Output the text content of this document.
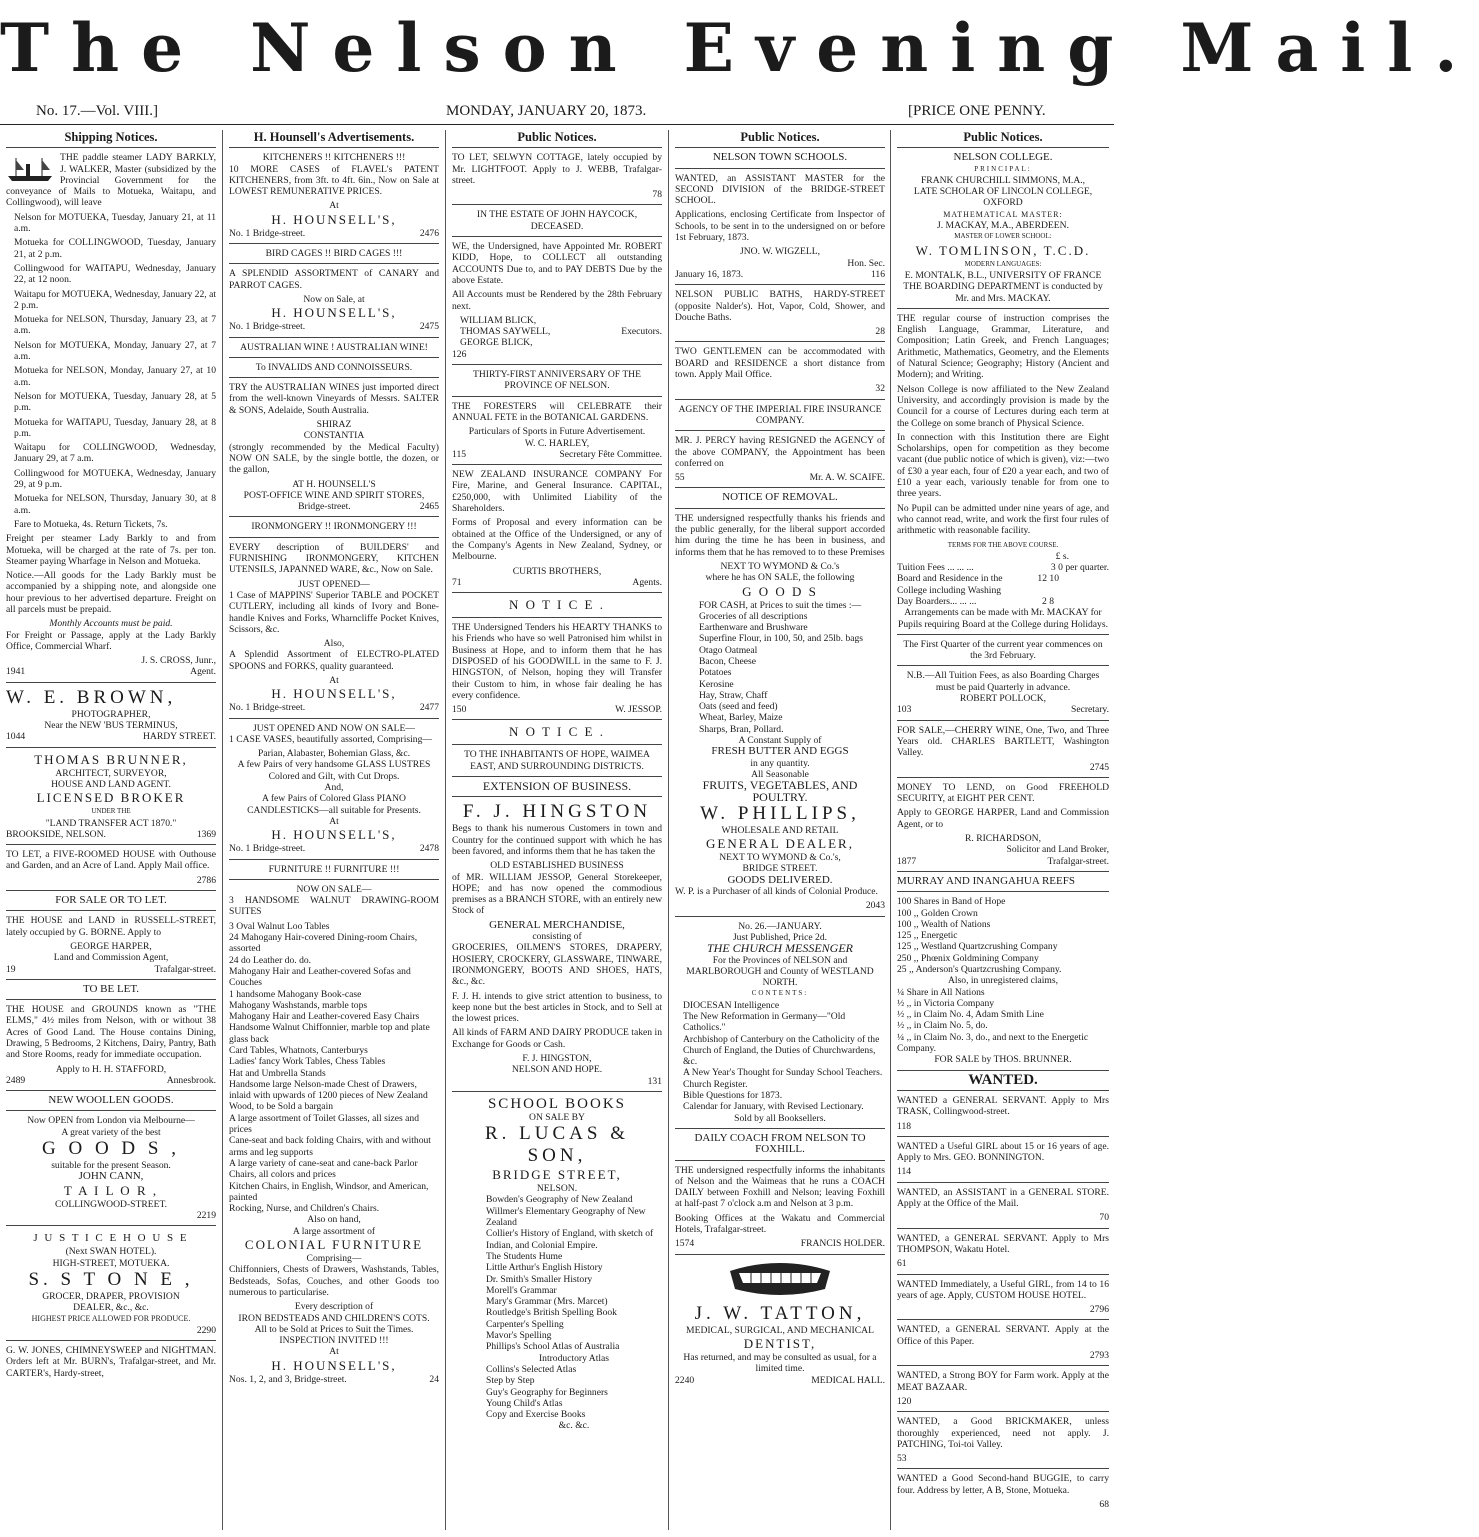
The Nelson Evening Mail.
No. 17.—Vol. VIII.]	MONDAY, JANUARY 20, 1873.	[PRICE ONE PENNY.
Shipping Notices.

THE paddle steamer LADY BARKLY, J. WALKER, Master (subsidized by the Provincial Government for the conveyance of Mails to Motueka, Waitapu, and Collingwood), will leave

Nelson for MOTUEKA, Tuesday, January 21, at 11 a.m.

Motueka for COLLINGWOOD, Tuesday, January 21, at 2 p.m.

Collingwood for WAITAPU, Wednesday, January 22, at 12 noon.

Waitapu for MOTUEKA, Wednesday, January 22, at 2 p.m.

Motueka for NELSON, Thursday, January 23, at 7 a.m.

Nelson for MOTUEKA, Monday, January 27, at 7 a.m.

Motueka for NELSON, Monday, January 27, at 10 a.m.

Nelson for MOTUEKA, Tuesday, January 28, at 5 p.m.

Motueka for WAITAPU, Tuesday, January 28, at 8 p.m.

Waitapu for COLLINGWOOD, Wednesday, January 29, at 7 a.m.

Collingwood for MOTUEKA, Wednesday, January 29, at 9 p.m.

Motueka for NELSON, Thursday, January 30, at 8 a.m.

Fare to Motueka, 4s. Return Tickets, 7s.

Freight per steamer Lady Barkly to and from Motueka, will be charged at the rate of 7s. per ton. Steamer paying Wharfage in Nelson and Motueka.

Notice.—All goods for the Lady Barkly must be accompanied by a shipping note, and alongside one hour previous to her advertised departure. Freight on all parcels must be prepaid.

Monthly Accounts must be paid.

For Freight or Passage, apply at the Lady Barkly Office, Commercial Wharf.

J. S. CROSS, Junr.,
1941	Agent.
W. E. BROWN,
PHOTOGRAPHER,
Near the NEW 'BUS TERMINUS,
1044	HARDY STREET.
THOMAS BRUNNER,
ARCHITECT, SURVEYOR,
HOUSE AND LAND AGENT.
LICENSED BROKER
UNDER THE
"LAND TRANSFER ACT 1870."
BROOKSIDE, NELSON.	1369

TO LET, a FIVE-ROOMED HOUSE with Outhouse and Garden, and an Acre of Land. Apply Mail office.

2786
FOR SALE OR TO LET.

THE HOUSE and LAND in RUSSELL-STREET, lately occupied by G. BORNE. Apply to

GEORGE HARPER,
Land and Commission Agent,
19	Trafalgar-street.
TO BE LET.

THE HOUSE and GROUNDS known as "THE ELMS," 4½ miles from Nelson, with or without 38 Acres of Good Land. The House contains Dining, Drawing, 5 Bedrooms, 2 Kitchens, Dairy, Pantry, Bath and Store Rooms, ready for immediate occupation.

Apply to H. H. STAFFORD,
2489	Annesbrook.
NEW WOOLLEN GOODS.
Now OPEN from London via Melbourne—
A great variety of the best
G O O D S ,
suitable for the present Season.
JOHN CANN,
T A I L O R ,
COLLINGWOOD-STREET.
2219
J U S T I C E H O U S E
(Next SWAN HOTEL).
HIGH-STREET, MOTUEKA.
S. S T O N E ,
GROCER, DRAPER, PROVISION
DEALER, &c., &c.
HIGHEST PRICE ALLOWED FOR PRODUCE.
2290

G. W. JONES, CHIMNEYSWEEP and NIGHTMAN. Orders left at Mr. BURN's, Trafalgar-street, and Mr. CARTER's, Hardy-street,

H. Hounsell's Advertisements.
KITCHENERS !! KITCHENERS !!!

10 MORE CASES of FLAVEL's PATENT KITCHENERS, from 3ft. to 4ft. 6in., Now on Sale at LOWEST REMUNERATIVE PRICES.

At
H. HOUNSELL'S,
No. 1 Bridge-street.	2476
BIRD CAGES !! BIRD CAGES !!!

A SPLENDID ASSORTMENT of CANARY and PARROT CAGES.

Now on Sale, at
H. HOUNSELL'S,
No. 1 Bridge-street.	2475
AUSTRALIAN WINE ! AUSTRALIAN WINE!
To INVALIDS AND CONNOISSEURS.

TRY the AUSTRALIAN WINES just imported direct from the well-known Vineyards of Messrs. SALTER & SONS, Adelaide, South Australia.

SHIRAZ
CONSTANTIA

(strongly recommended by the Medical Faculty) NOW ON SALE, by the single bottle, the dozen, or the gallon,

AT H. HOUNSELL'S
POST-OFFICE WINE AND SPIRIT STORES,
Bridge-street.	2465
IRONMONGERY !! IRONMONGERY !!!

EVERY description of BUILDERS' and FURNISHING IRONMONGERY, KITCHEN UTENSILS, JAPANNED WARE, &c., Now on Sale.

JUST OPENED—

1 Case of MAPPINS' Superior TABLE and POCKET CUTLERY, including all kinds of Ivory and Bone-handle Knives and Forks, Wharncliffe Pocket Knives, Scissors, &c.

Also,

A Splendid Assortment of ELECTRO-PLATED SPOONS and FORKS, quality guaranteed.

At
H. HOUNSELL'S,
No. 1 Bridge-street.	2477
JUST OPENED AND NOW ON SALE—

1 CASE VASES, beautifully assorted, Comprising—

Parian, Alabaster, Bohemian Glass, &c.
A few Pairs of very handsome GLASS LUSTRES Colored and Gilt, with Cut Drops.
And,
A few Pairs of Colored Glass PIANO CANDLESTICKS—all suitable for Presents.
At
H. HOUNSELL'S,
No. 1 Bridge-street.	2478
FURNITURE !! FURNITURE !!!
NOW ON SALE—

3 HANDSOME WALNUT DRAWING-ROOM SUITES

3 Oval Walnut Loo Tables
24 Mahogany Hair-covered Dining-room Chairs, assorted
24 do Leather do. do.
Mahogany Hair and Leather-covered Sofas and Couches
1 handsome Mahogany Book-case
Mahogany Washstands, marble tops
Mahogany Hair and Leather-covered Easy Chairs
Handsome Walnut Chiffonnier, marble top and plate glass back
Card Tables, Whatnots, Canterburys
Ladies' fancy Work Tables, Chess Tables
Hat and Umbrella Stands
Handsome large Nelson-made Chest of Drawers, inlaid with upwards of 1200 pieces of New Zealand Wood, to be Sold a bargain
A large assortment of Toilet Glasses, all sizes and prices
Cane-seat and back folding Chairs, with and without arms and leg supports
A large variety of cane-seat and cane-back Parlor Chairs, all colors and prices
Kitchen Chairs, in English, Windsor, and American, painted
Rocking, Nurse, and Children's Chairs.
Also on hand,
A large assortment of
COLONIAL FURNITURE
Comprising—

Chiffonniers, Chests of Drawers, Washstands, Tables, Bedsteads, Sofas, Couches, and other Goods too numerous to particularise.

Every description of
IRON BEDSTEADS AND CHILDREN'S COTS.
All to be Sold at Prices to Suit the Times.
INSPECTION INVITED !!!
At
H. HOUNSELL'S,
Nos. 1, 2, and 3, Bridge-street.	24
Public Notices.

TO LET, SELWYN COTTAGE, lately occupied by Mr. LIGHTFOOT. Apply to J. WEBB, Trafalgar-street.

78
IN THE ESTATE OF JOHN HAYCOCK, DECEASED.

WE, the Undersigned, have Appointed Mr. ROBERT KIDD, Hope, to COLLECT all outstanding ACCOUNTS Due to, and to PAY DEBTS Due by the above Estate.

All Accounts must be Rendered by the 28th February next.

WILLIAM BLICK,
THOMAS SAYWELL,
GEORGE BLICK,
Executors.
126
THIRTY-FIRST ANNIVERSARY OF THE PROVINCE OF NELSON.

THE FORESTERS will CELEBRATE their ANNUAL FETE in the BOTANICAL GARDENS.

Particulars of Sports in Future Advertisement.
W. C. HARLEY,
115	Secretary Fête Committee.

NEW ZEALAND INSURANCE COMPANY For Fire, Marine, and General Insurance. CAPITAL, £250,000, with Unlimited Liability of the Shareholders.

Forms of Proposal and every information can be obtained at the Office of the Undersigned, or any of the Company's Agents in New Zealand, Sydney, or Melbourne.

CURTIS BROTHERS,
71	Agents.
N O T I C E .

THE Undersigned Tenders his HEARTY THANKS to his Friends who have so well Patronised him whilst in Business at Hope, and to inform them that he has DISPOSED of his GOODWILL in the same to F. J. HINGSTON, of Nelson, hoping they will Transfer their Custom to him, in whose fair dealing he has every confidence.

150	W. JESSOP.
N O T I C E .
TO THE INHABITANTS OF HOPE, WAIMEA EAST, AND SURROUNDING DISTRICTS.
EXTENSION OF BUSINESS.
F. J. HINGSTON

Begs to thank his numerous Customers in town and Country for the continued support with which he has been favored, and informs them that he has taken the

OLD ESTABLISHED BUSINESS

of MR. WILLIAM JESSOP, General Storekeeper, HOPE; and has now opened the commodious premises as a BRANCH STORE, with an entirely new Stock of

GENERAL MERCHANDISE,
consisting of

GROCERIES, OILMEN'S STORES, DRAPERY, HOSIERY, CROCKERY, GLASSWARE, TINWARE, IRONMONGERY, BOOTS AND SHOES, HATS, &c., &c.

F. J. H. intends to give strict attention to business, to keep none but the best articles in Stock, and to Sell at the lowest prices.

All kinds of FARM AND DAIRY PRODUCE taken in Exchange for Goods or Cash.

F. J. HINGSTON,
NELSON AND HOPE.
131
SCHOOL BOOKS
ON SALE BY
R. LUCAS & SON,
BRIDGE STREET,
NELSON.
Bowden's Geography of New Zealand
Willmer's Elementary Geography of New Zealand
Collier's History of England, with sketch of Indian, and Colonial Empire.
The Students Hume
Little Arthur's English History
Dr. Smith's Smaller History
Morell's Grammar
Mary's Grammar (Mrs. Marcet)
Routledge's British Spelling Book
Carpenter's Spelling
Mavor's Spelling
Phillips's School Atlas of Australia
Introductory Atlas
Collins's Selected Atlas
Step by Step
Guy's Geography for Beginners
Young Child's Atlas
Copy and Exercise Books
&c. &c.
Public Notices.
NELSON TOWN SCHOOLS.

WANTED, an ASSISTANT MASTER for the SECOND DIVISION of the BRIDGE-STREET SCHOOL.

Applications, enclosing Certificate from Inspector of Schools, to be sent in to the undersigned on or before 1st February, 1873.

JNO. W. WIGZELL,
Hon. Sec.
January 16, 1873.	116

NELSON PUBLIC BATHS, HARDY-STREET (opposite Nalder's). Hot, Vapor, Cold, Shower, and Douche Baths.

28

TWO GENTLEMEN can be accommodated with BOARD and RESIDENCE a short distance from town. Apply Mail Office.

32
AGENCY OF THE IMPERIAL FIRE INSURANCE COMPANY.

MR. J. PERCY having RESIGNED the AGENCY of the above COMPANY, the Appointment has been conferred on

55	Mr. A. W. SCAIFE.
NOTICE OF REMOVAL.

THE undersigned respectfully thanks his friends and the public generally, for the liberal support accorded him during the time he has been in business, and informs them that he has removed to to these Premises

NEXT TO WYMOND & Co.'s
where he has ON SALE, the following
G O O D S
FOR CASH, at Prices to suit the times :—
Groceries of all descriptions
Earthenware and Brushware
Superfine Flour, in 100, 50, and 25lb. bags
Otago Oatmeal
Bacon, Cheese
Potatoes
Kerosine
Hay, Straw, Chaff
Oats (seed and feed)
Wheat, Barley, Maize
Sharps, Bran, Pollard.
A Constant Supply of
FRESH BUTTER AND EGGS
in any quantity.
All Seasonable
FRUITS, VEGETABLES, AND POULTRY.
W. PHILLIPS,
WHOLESALE AND RETAIL
GENERAL DEALER,
NEXT TO WYMOND & Co.'s,
BRIDGE STREET.
GOODS DELIVERED.

W. P. is a Purchaser of all kinds of Colonial Produce.

2043
No. 26.—JANUARY.
Just Published, Price 2d.
THE CHURCH MESSENGER
For the Provinces of NELSON and MARLBOROUGH and County of WESTLAND NORTH.
CONTENTS:
DIOCESAN Intelligence
The New Reformation in Germany—"Old Catholics."
Archbishop of Canterbury on the Catholicity of the Church of England, the Duties of Churchwardens, &c.
A New Year's Thought for Sunday School Teachers.
Church Register.
Bible Questions for 1873.
Calendar for January, with Revised Lectionary.
Sold by all Booksellers.
DAILY COACH FROM NELSON TO FOXHILL.

THE undersigned respectfully informs the inhabitants of Nelson and the Waimeas that he runs a COACH DAILY between Foxhill and Nelson; leaving Foxhill at half-past 7 o'clock a.m and Nelson at 3 p.m.

Booking Offices at the Wakatu and Commercial Hotels, Trafalgar-street.

1574	FRANCIS HOLDER.
J. W. TATTON,
MEDICAL, SURGICAL, AND MECHANICAL
DENTIST,
Has returned, and may be consulted as usual, for a limited time.
2240	MEDICAL HALL.
Public Notices.
NELSON COLLEGE.
PRINCIPAL:
FRANK CHURCHILL SIMMONS, M.A.,
LATE SCHOLAR OF LINCOLN COLLEGE, OXFORD
MATHEMATICAL MASTER:
J. MACKAY, M.A., ABERDEEN.
MASTER OF LOWER SCHOOL:
W. TOMLINSON, T.C.D.
MODERN LANGUAGES:
E. MONTALK, B.L., UNIVERSITY OF FRANCE
THE BOARDING DEPARTMENT is conducted by Mr. and Mrs. MACKAY.

THE regular course of instruction comprises the English Language, Grammar, Literature, and Composition; Latin Greek, and French Languages; Arithmetic, Mathematics, Geometry, and the Elements of Natural Science; Geography; History (Ancient and Modern); and Writing.

Nelson College is now affiliated to the New Zealand University, and accordingly provision is made by the Council for a course of Lectures during each term at the College on some branch of Physical Science.

In connection with this Institution there are Eight Scholarships, open for competition as they become vacant (due public notice of which is given), viz:—two of £30 a year each, four of £20 a year each, and two of £10 a year each, variously tenable for from one to three years.

No Pupil can be admitted under nine years of age, and who cannot read, write, and work the first four rules of arithmetic with reasonable facility.

TERMS FOR THE ABOVE COURSE.
£ s.
Tuition Fees ... ... ...	3 0 per quarter.
Board and Residence in the College including Washing
12 10
Day Boarders... ... ...	2 8
Arrangements can be made with Mr. MACKAY for Pupils requiring Board at the College during Holidays.
The First Quarter of the current year commences on the 3rd February.
N.B.—All Tuition Fees, as also Boarding Charges must be paid Quarterly in advance.
ROBERT POLLOCK,
103	Secretary.

FOR SALE,—CHERRY WINE, One, Two, and Three Years old. CHARLES BARTLETT, Washington Valley.

2745

MONEY TO LEND, on Good FREEHOLD SECURITY, at EIGHT PER CENT.

Apply to GEORGE HARPER, Land and Commission Agent, or to

R. RICHARDSON,
Solicitor and Land Broker,
1877	Trafalgar-street.
MURRAY AND INANGAHUA REEFS
100 Shares in Band of Hope
100 ,, Golden Crown
100 ,, Wealth of Nations
125 ,, Energetic
125 ,, Westland Quartzcrushing Company
250 ,, Phœnix Goldmining Company
25 ,, Anderson's Quartzcrushing Company.
Also, in unregistered claims,
¼ Share in All Nations
½ ,, in Victoria Company
½ ,, in Claim No. 4, Adam Smith Line
½ ,, in Claim No. 5, do.
¼ ,, in Claim No. 3, do., and next to the Energetic Company.
FOR SALE by THOS. BRUNNER.
WANTED.

WANTED a GENERAL SERVANT. Apply to Mrs TRASK, Collingwood-street.

118

WANTED a Useful GIRL about 15 or 16 years of age. Apply to Mrs. GEO. BONNINGTON.

114

WANTED, an ASSISTANT in a GENERAL STORE. Apply at the Office of the Mail.

70

WANTED, a GENERAL SERVANT. Apply to Mrs THOMPSON, Wakatu Hotel.

61

WANTED Immediately, a Useful GIRL, from 14 to 16 years of age. Apply, CUSTOM HOUSE HOTEL.

2796

WANTED, a GENERAL SERVANT. Apply at the Office of this Paper.

2793

WANTED, a Strong BOY for Farm work. Apply at the MEAT BAZAAR.

120

WANTED, a Good BRICKMAKER, unless thoroughly experienced, need not apply. J. PATCHING, Toi-toi Valley.

53

WANTED a Good Second-hand BUGGIE, to carry four. Address by letter, A B, Stone, Motueka.

68
